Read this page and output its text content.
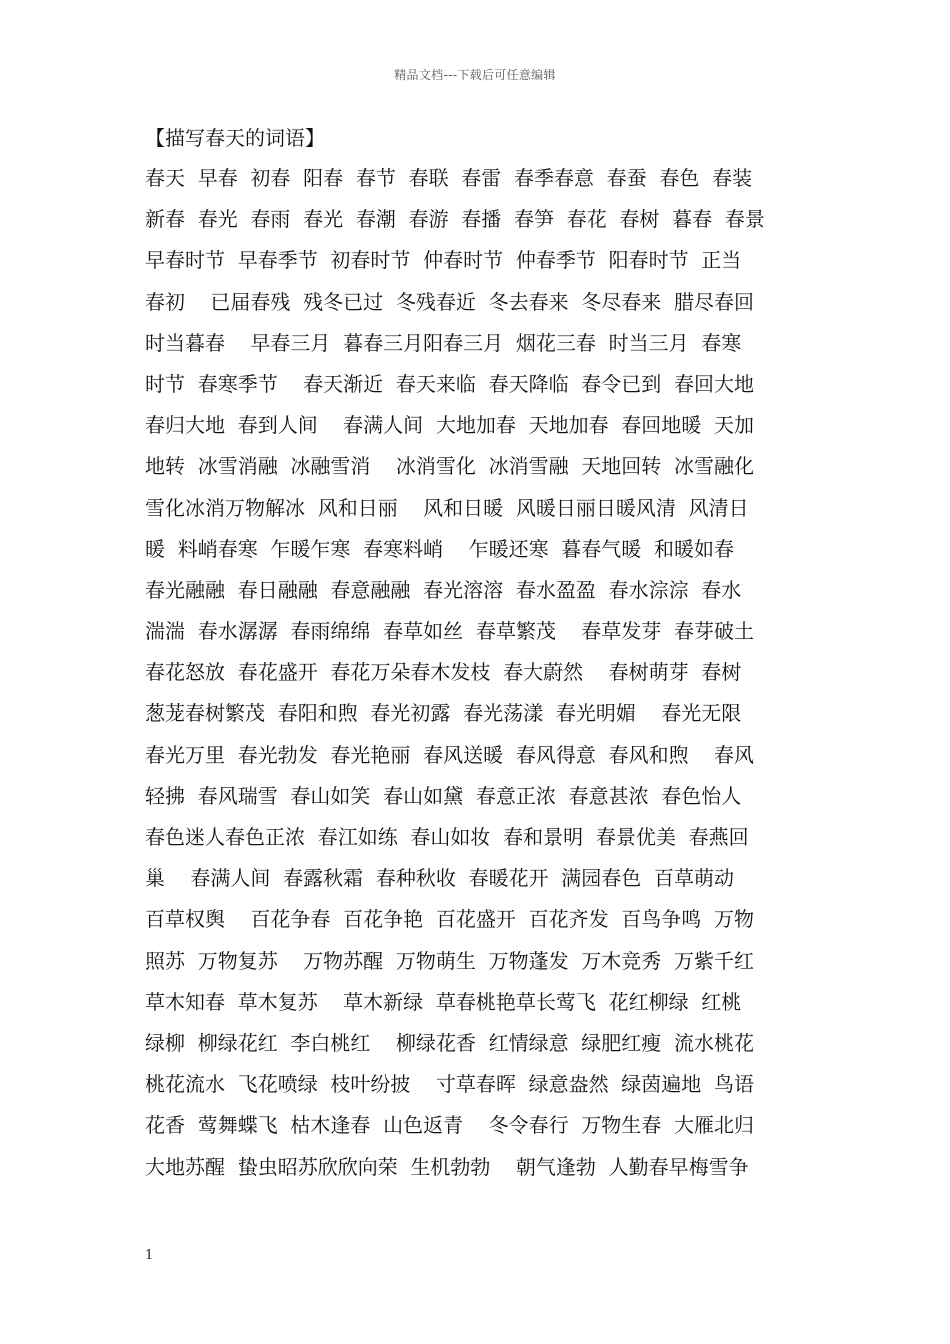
精品文档---下载后可任意编辑
【描写春天的词语】
春天  早春  初春  阳春  春节  春联  春雷  春季春意  春蚕  春色  春装
新春  春光  春雨  春光  春潮  春游  春播  春笋  春花  春树  暮春  春景
早春时节  早春季节  初春时节  仲春时节  仲春季节  阳春时节  正当
春初    已届春残  残冬已过  冬残春近  冬去春来  冬尽春来  腊尽春回
时当暮春    早春三月  暮春三月阳春三月  烟花三春  时当三月  春寒
时节  春寒季节    春天渐近  春天来临  春天降临  春令已到  春回大地
春归大地  春到人间    春满人间  大地加春  天地加春  春回地暖  天加
地转  冰雪消融  冰融雪消    冰消雪化  冰消雪融  天地回转  冰雪融化
雪化冰消万物解冰  风和日丽    风和日暖  风暖日丽日暖风清  风清日
暖  料峭春寒  乍暖乍寒  春寒料峭    乍暖还寒  暮春气暖  和暖如春
春光融融  春日融融  春意融融  春光溶溶  春水盈盈  春水淙淙  春水
湍湍  春水潺潺  春雨绵绵  春草如丝  春草繁茂    春草发芽  春芽破土
春花怒放  春花盛开  春花万朵春木发枝  春大蔚然    春树萌芽  春树
葱茏春树繁茂  春阳和煦  春光初露  春光荡漾  春光明媚    春光无限
春光万里  春光勃发  春光艳丽  春风送暖  春风得意  春风和煦    春风
轻拂  春风瑞雪  春山如笑  春山如黛  春意正浓  春意甚浓  春色怡人
春色迷人春色正浓  春江如练  春山如妆  春和景明  春景优美  春燕回
巢    春满人间  春露秋霜  春种秋收  春暖花开  满园春色  百草萌动
百草权舆    百花争春  百花争艳  百花盛开  百花齐发  百鸟争鸣  万物
照苏  万物复苏    万物苏醒  万物萌生  万物蓬发  万木竞秀  万紫千红
草木知春  草木复苏    草木新绿  草春桃艳草长莺飞  花红柳绿  红桃
绿柳  柳绿花红  李白桃红    柳绿花香  红情绿意  绿肥红瘦  流水桃花
桃花流水  飞花喷绿  枝叶纷披    寸草春晖  绿意盎然  绿茵遍地  鸟语
花香  莺舞蝶飞  枯木逢春  山色返青    冬令春行  万物生春  大雁北归
大地苏醒  蛰虫昭苏欣欣向荣  生机勃勃    朝气逢勃  人勤春早梅雪争
1
